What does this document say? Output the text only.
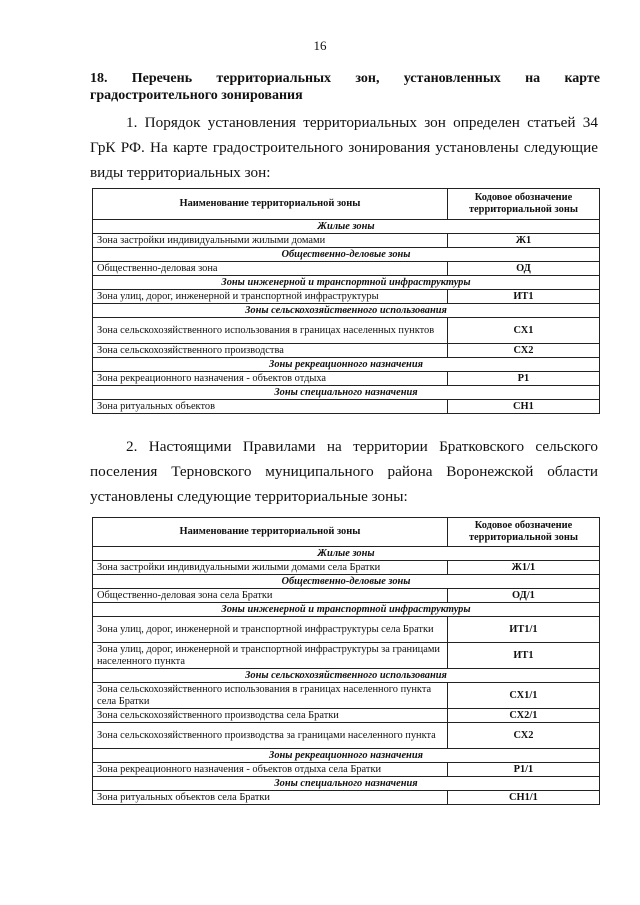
16
18. Перечень территориальных зон, установленных на карте градостроительного зонирования
1. Порядок установления территориальных зон определен статьей 34 ГрК РФ. На карте градостроительного зонирования установлены следующие виды территориальных зон:
Наименование территориальной зоны	Кодовое обозначение территориальной зоны
Жилые зоны	
Зона застройки индивидуальными жилыми домами	Ж1
Общественно-деловые зоны	
Общественно-деловая зона	ОД
Зоны инженерной и транспортной инфраструктуры	
Зона улиц, дорог, инженерной и транспортной инфраструктуры	ИТ1
Зоны сельскохозяйственного использования	
Зона сельскохозяйственного использования в границах населенных пунктов	СХ1
Зона сельскохозяйственного производства	СХ2
Зоны рекреационного назначения	
Зона рекреационного назначения - объектов отдыха	Р1
Зоны специального назначения	
Зона ритуальных объектов	СН1
2. Настоящими Правилами на территории Братковского сельского поселения Терновского муниципального района Воронежской области установлены следующие территориальные зоны:
Наименование территориальной зоны	Кодовое обозначение территориальной зоны
Жилые зоны	
Зона застройки индивидуальными жилыми домами села Братки	Ж1/1
Общественно-деловые зоны	
Общественно-деловая зона села Братки	ОД/1
Зоны инженерной и транспортной инфраструктуры	
Зона улиц, дорог, инженерной и транспортной инфраструктуры села Братки	ИТ1/1
Зона улиц, дорог, инженерной и транспортной инфраструктуры за границами населенного пункта	ИТ1
Зоны сельскохозяйственного использования	
Зона сельскохозяйственного использования в границах населенного пункта села Братки	СХ1/1
Зона сельскохозяйственного производства села Братки	СХ2/1
Зона сельскохозяйственного производства за границами населенного пункта	СХ2
Зоны рекреационного назначения	
Зона рекреационного назначения - объектов отдыха села Братки	Р1/1
Зоны специального назначения	
Зона ритуальных объектов села Братки	СН1/1
